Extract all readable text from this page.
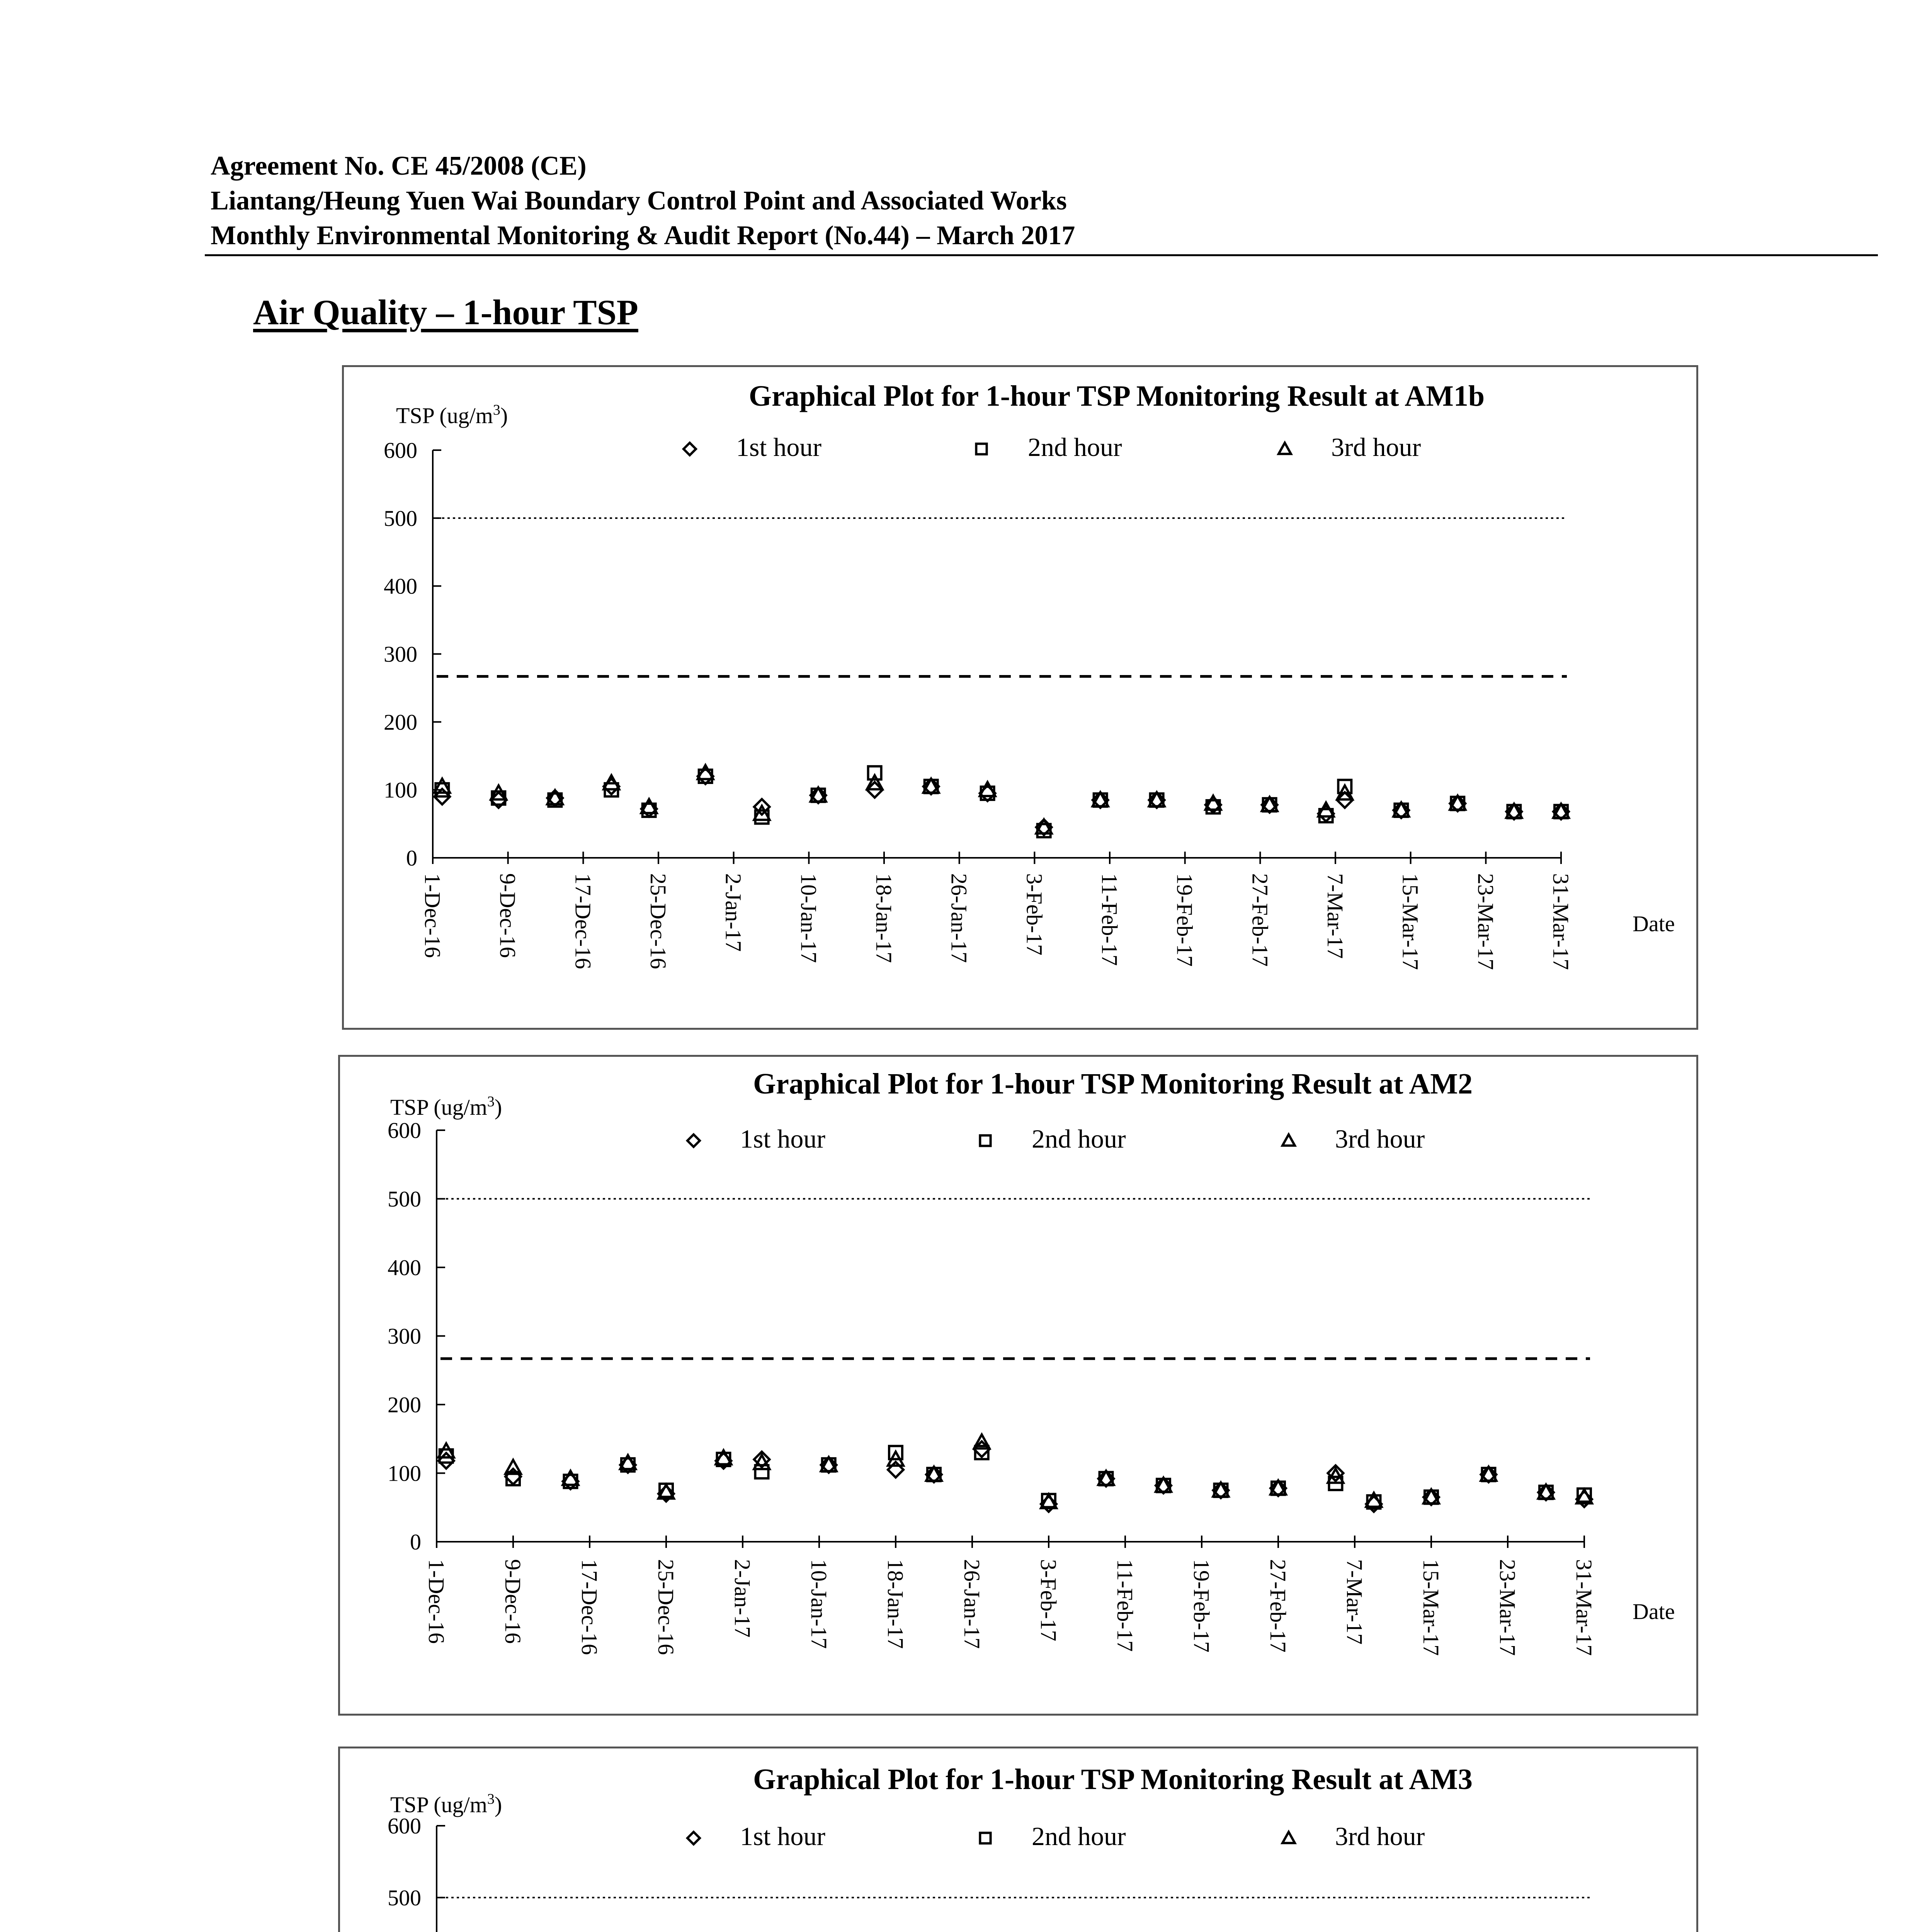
Agreement No. CE 45/2008 (CE)
Liantang/Heung Yuen Wai Boundary Control Point and Associated Works
Monthly Environmental Monitoring & Audit Report (No.44) – March 2017
Air Quality – 1-hour TSP
Graphical Plot for 1-hour TSP Monitoring Result at AM1b
TSP $(ug/m^3)$
0
100
200
300
400
500
600
1-Dec-16 9-Dec-16 17-Dec-16 25-Dec-16 2-Jan-17 10-Jan-17 18-Jan-17 26-Jan-17 3-Feb-17 11-Feb-17 19-Feb-17 27-Feb-17 7-Mar-17 15-Mar-17 23-Mar-17 31-Mar-17	Date
1st hour	2nd hour	3rd hour
Graphical Plot for 1-hour TSP Monitoring Result at AM2
TSP $(ug/m^3)$
0
100
200
300
400
500
600
1-Dec-16 9-Dec-16 17-Dec-16 25-Dec-16 2-Jan-17 10-Jan-17 18-Jan-17 26-Jan-17 3-Feb-17 11-Feb-17 19-Feb-17 27-Feb-17 7-Mar-17 15-Mar-17 23-Mar-17 31-Mar-17 Date
1st hour	2nd hour	3rd hour
Graphical Plot for 1-hour TSP Monitoring Result at AM3
TSP $(ug/m^3)$
500
600	1st hour	2nd hour	3rd hour
